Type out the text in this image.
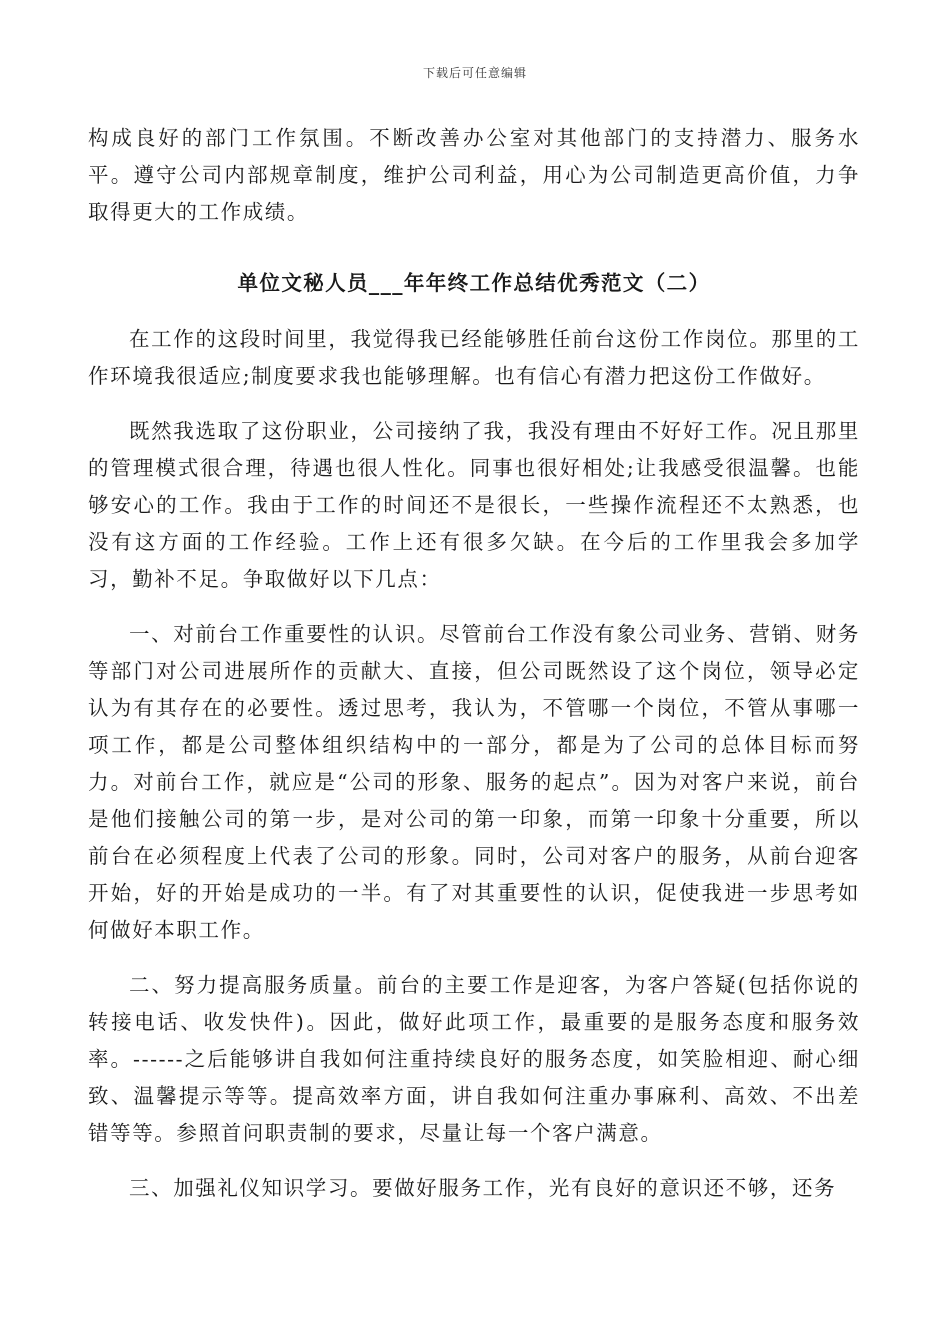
下载后可任意编辑

构成良好的部门工作氛围。不断改善办公室对其他部门的支持潜力、服务水平。遵守公司内部规章制度，维护公司利益，用心为公司制造更高价值，力争取得更大的工作成绩。

单位文秘人员___年年终工作总结优秀范文（二）

在工作的这段时间里，我觉得我已经能够胜任前台这份工作岗位。那里的工作环境我很适应;制度要求我也能够理解。也有信心有潜力把这份工作做好。

既然我选取了这份职业，公司接纳了我，我没有理由不好好工作。况且那里的管理模式很合理，待遇也很人性化。同事也很好相处;让我感受很温馨。也能够安心的工作。我由于工作的时间还不是很长，一些操作流程还不太熟悉，也没有这方面的工作经验。工作上还有很多欠缺。在今后的工作里我会多加学习，勤补不足。争取做好以下几点：

一、对前台工作重要性的认识。尽管前台工作没有象公司业务、营销、财务等部门对公司进展所作的贡献大、直接，但公司既然设了这个岗位，领导必定认为有其存在的必要性。透过思考，我认为，不管哪一个岗位，不管从事哪一项工作，都是公司整体组织结构中的一部分，都是为了公司的总体目标而努力。对前台工作，就应是“公司的形象、服务的起点”。因为对客户来说，前台是他们接触公司的第一步，是对公司的第一印象，而第一印象十分重要，所以前台在必须程度上代表了公司的形象。同时，公司对客户的服务，从前台迎客开始，好的开始是成功的一半。有了对其重要性的认识，促使我进一步思考如何做好本职工作。

二、努力提高服务质量。前台的主要工作是迎客，为客户答疑(包括你说的转接电话、收发快件)。因此，做好此项工作，最重要的是服务态度和服务效率。------之后能够讲自我如何注重持续良好的服务态度，如笑脸相迎、耐心细致、温馨提示等等。提高效率方面，讲自我如何注重办事麻利、高效、不出差错等等。参照首问职责制的要求，尽量让每一个客户满意。

三、加强礼仪知识学习。要做好服务工作，光有良好的意识还不够，还务
